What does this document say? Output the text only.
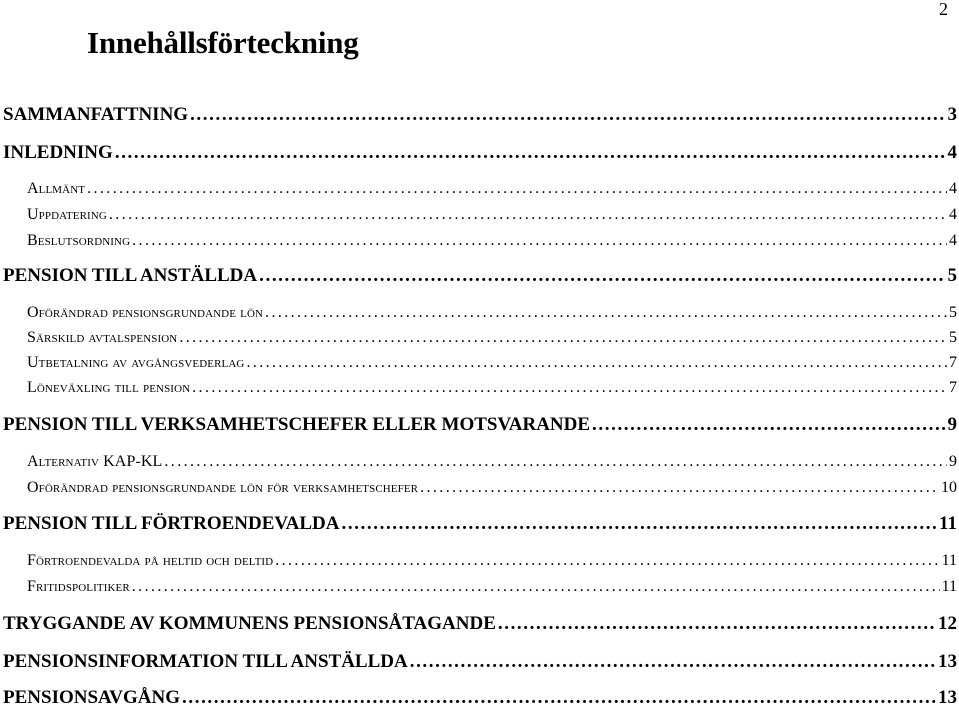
2
Innehållsförteckning
SAMMANFATTNING .....	3
INLEDNING .....	4
Allmänt .....	4
Uppdatering .....	4
Beslutsordning .....	4
PENSION TILL ANSTÄLLDA .....	5
Oförändrad pensionsgrundande lön .....	5
Särskild avtalspension .....	5
Utbetalning av avgångsvederlag .....	7
Löneväxling till pension .....	7
PENSION TILL VERKSAMHETSCHEFER ELLER MOTSVARANDE .....	9
Alternativ KAP-KL .....	9
Oförändrad pensionsgrundande lön för verksamhetschefer .....	10
PENSION TILL FÖRTROENDEVALDA .....	11
Förtroendevalda på heltid och deltid .....	11
Fritidspolitiker .....	11
TRYGGANDE AV KOMMUNENS PENSIONSÅTAGANDE .....	12
PENSIONSINFORMATION TILL ANSTÄLLDA .....	13
PENSIONSAVGÅNG .....	13
